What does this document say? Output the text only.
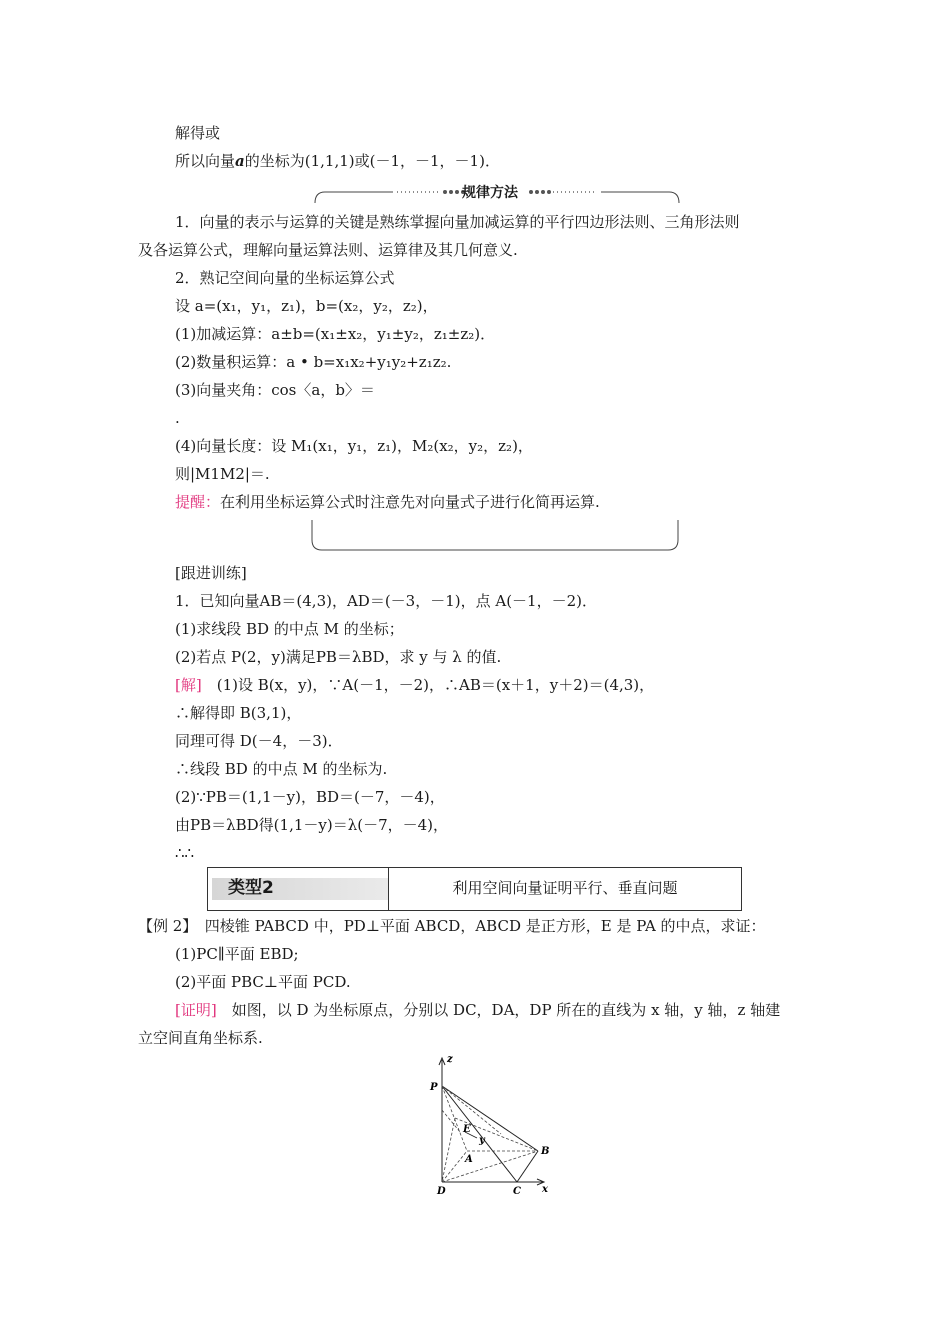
解得或
所以向量a的坐标为(1,1,1)或(－1，－1，－1)．
规律方法
1．向量的表示与运算的关键是熟练掌握向量加减运算的平行四边形法则、三角形法则
及各运算公式，理解向量运算法则、运算律及其几何意义.
2．熟记空间向量的坐标运算公式
设 a=(x₁，y₁，z₁)，b=(x₂，y₂，z₂)，
(1)加减运算：a±b=(x₁±x₂，y₁±y₂，z₁±z₂)．
(2)数量积运算：a • b=x₁x₂+y₁y₂+z₁z₂.
(3)向量夹角：cos〈a，b〉＝
.
(4)向量长度：设 M₁(x₁，y₁，z₁)，M₂(x₂，y₂，z₂)，
则|M1M2|＝.
提醒：在利用坐标运算公式时注意先对向量式子进行化简再运算.
[跟进训练]
1．已知向量AB＝(4,3)，AD＝(－3，－1)，点 A(－1，－2)．
(1)求线段 BD 的中点 M 的坐标；
(2)若点 P(2，y)满足PB＝λBD，求 y 与 λ 的值.
[解]　(1)设 B(x，y)，∵A(－1，－2)，∴AB＝(x＋1，y＋2)＝(4,3)，
∴解得即 B(3,1)，
同理可得 D(－4，－3)．
∴线段 BD 的中点 M 的坐标为.
(2)∵PB＝(1,1－y)，BD＝(－7，－4)，
由PB＝λBD得(1,1－y)＝λ(－7，－4)，
∴∴
类型2	利用空间向量证明平行、垂直问题
【例 2】　四棱锥 PABCD 中，PD⊥平面 ABCD，ABCD 是正方形，E 是 PA 的中点，求证：
(1)PC∥平面 EBD;
(2)平面 PBC⊥平面 PCD.
[证明]　如图，以 D 为坐标原点，分别以 DC，DA，DP 所在的直线为 x 轴，y 轴，z 轴建
立空间直角坐标系.
z
P
E
y
A
B
D	C x
